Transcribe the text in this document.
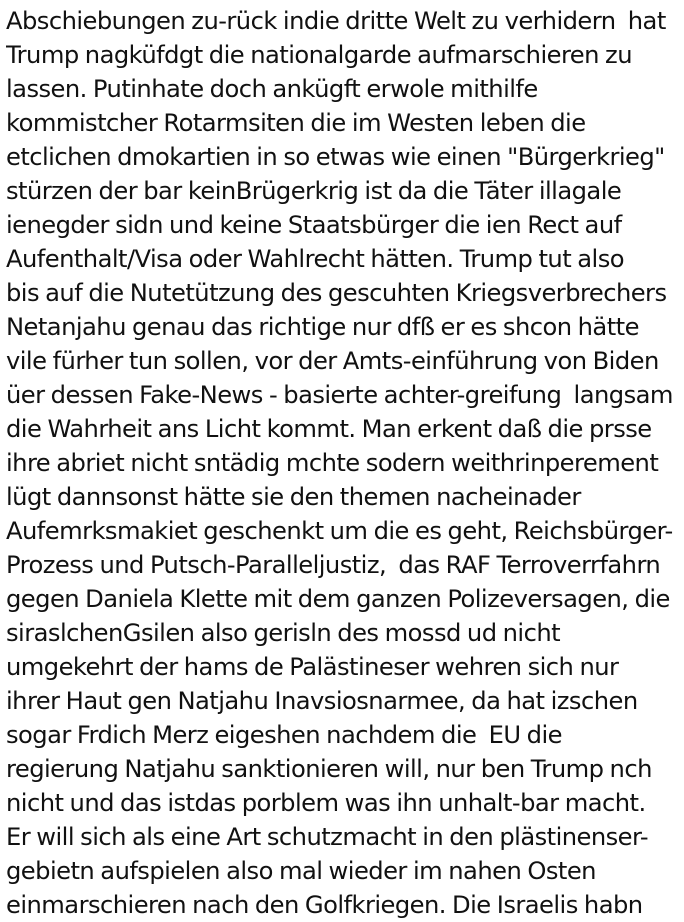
Abschiebungen zu-rück indie dritte Welt zu verhidern  hat
Trump nagküfdgt die nationalgarde aufmarschieren zu
lassen. Putinhate doch ankügft erwole mithilfe
kommistcher Rotarmsiten die im Westen leben die
etclichen dmokartien in so etwas wie einen "Bürgerkrieg"
stürzen der bar keinBrügerkrig ist da die Täter illagale
ienegder sidn und keine Staatsbürger die ien Rect auf
Aufenthalt/Visa oder Wahlrecht hätten. Trump tut also
bis auf die Nutetützung des gescuhten Kriegsverbrechers
Netanjahu genau das richtige nur dfß er es shcon hätte
vile fürher tun sollen, vor der Amts-einführung von Biden
üer dessen Fake-News - basierte achter-greifung  langsam
die Wahrheit ans Licht kommt. Man erkent daß die prsse
ihre abriet nicht sntädig mchte sodern weithrinperement
lügt dannsonst hätte sie den themen nacheinader
Aufemrksmakiet geschenkt um die es geht, Reichsbürger-
Prozess und Putsch-Paralleljustiz,  das RAF Terroverrfahrn
gegen Daniela Klette mit dem ganzen Polizeversagen, die
siraslchenGsilen also gerisln des mossd ud nicht
umgekehrt der hams de Palästineser wehren sich nur
ihrer Haut gen Natjahu Inavsiosnarmee, da hat izschen
sogar Frdich Merz eigeshen nachdem die  EU die
regierung Natjahu sanktionieren will, nur ben Trump nch
nicht und das istdas porblem was ihn unhalt-bar macht.
Er will sich als eine Art schutzmacht in den plästinenser-
gebietn aufspielen also mal wieder im nahen Osten
einmarschieren nach den Golfkriegen. Die Israelis habn
